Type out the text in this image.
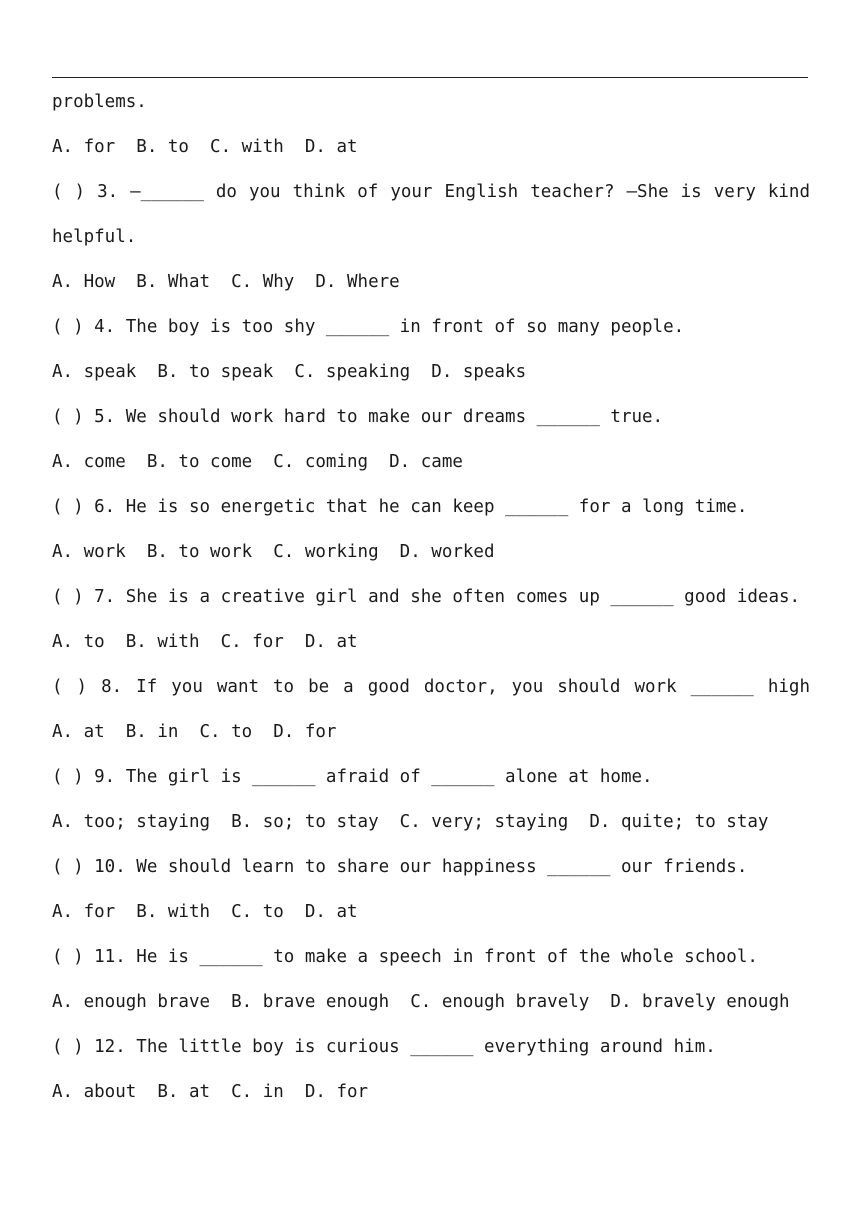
problems.
A. for  B. to  C. with  D. at
( ) 3. —______ do you think of your English teacher? —She is very kind
helpful.
A. How  B. What  C. Why  D. Where
( ) 4. The boy is too shy ______ in front of so many people.
A. speak  B. to speak  C. speaking  D. speaks
( ) 5. We should work hard to make our dreams ______ true.
A. come  B. to come  C. coming  D. came
( ) 6. He is so energetic that he can keep ______ for a long time.
A. work  B. to work  C. working  D. worked
( ) 7. She is a creative girl and she often comes up ______ good ideas.
A. to  B. with  C. for  D. at
( ) 8. If you want to be a good doctor, you should work ______ high
A. at  B. in  C. to  D. for
( ) 9. The girl is ______ afraid of ______ alone at home.
A. too; staying  B. so; to stay  C. very; staying  D. quite; to stay
( ) 10. We should learn to share our happiness ______ our friends.
A. for  B. with  C. to  D. at
( ) 11. He is ______ to make a speech in front of the whole school.
A. enough brave  B. brave enough  C. enough bravely  D. bravely enough
( ) 12. The little boy is curious ______ everything around him.
A. about  B. at  C. in  D. for
